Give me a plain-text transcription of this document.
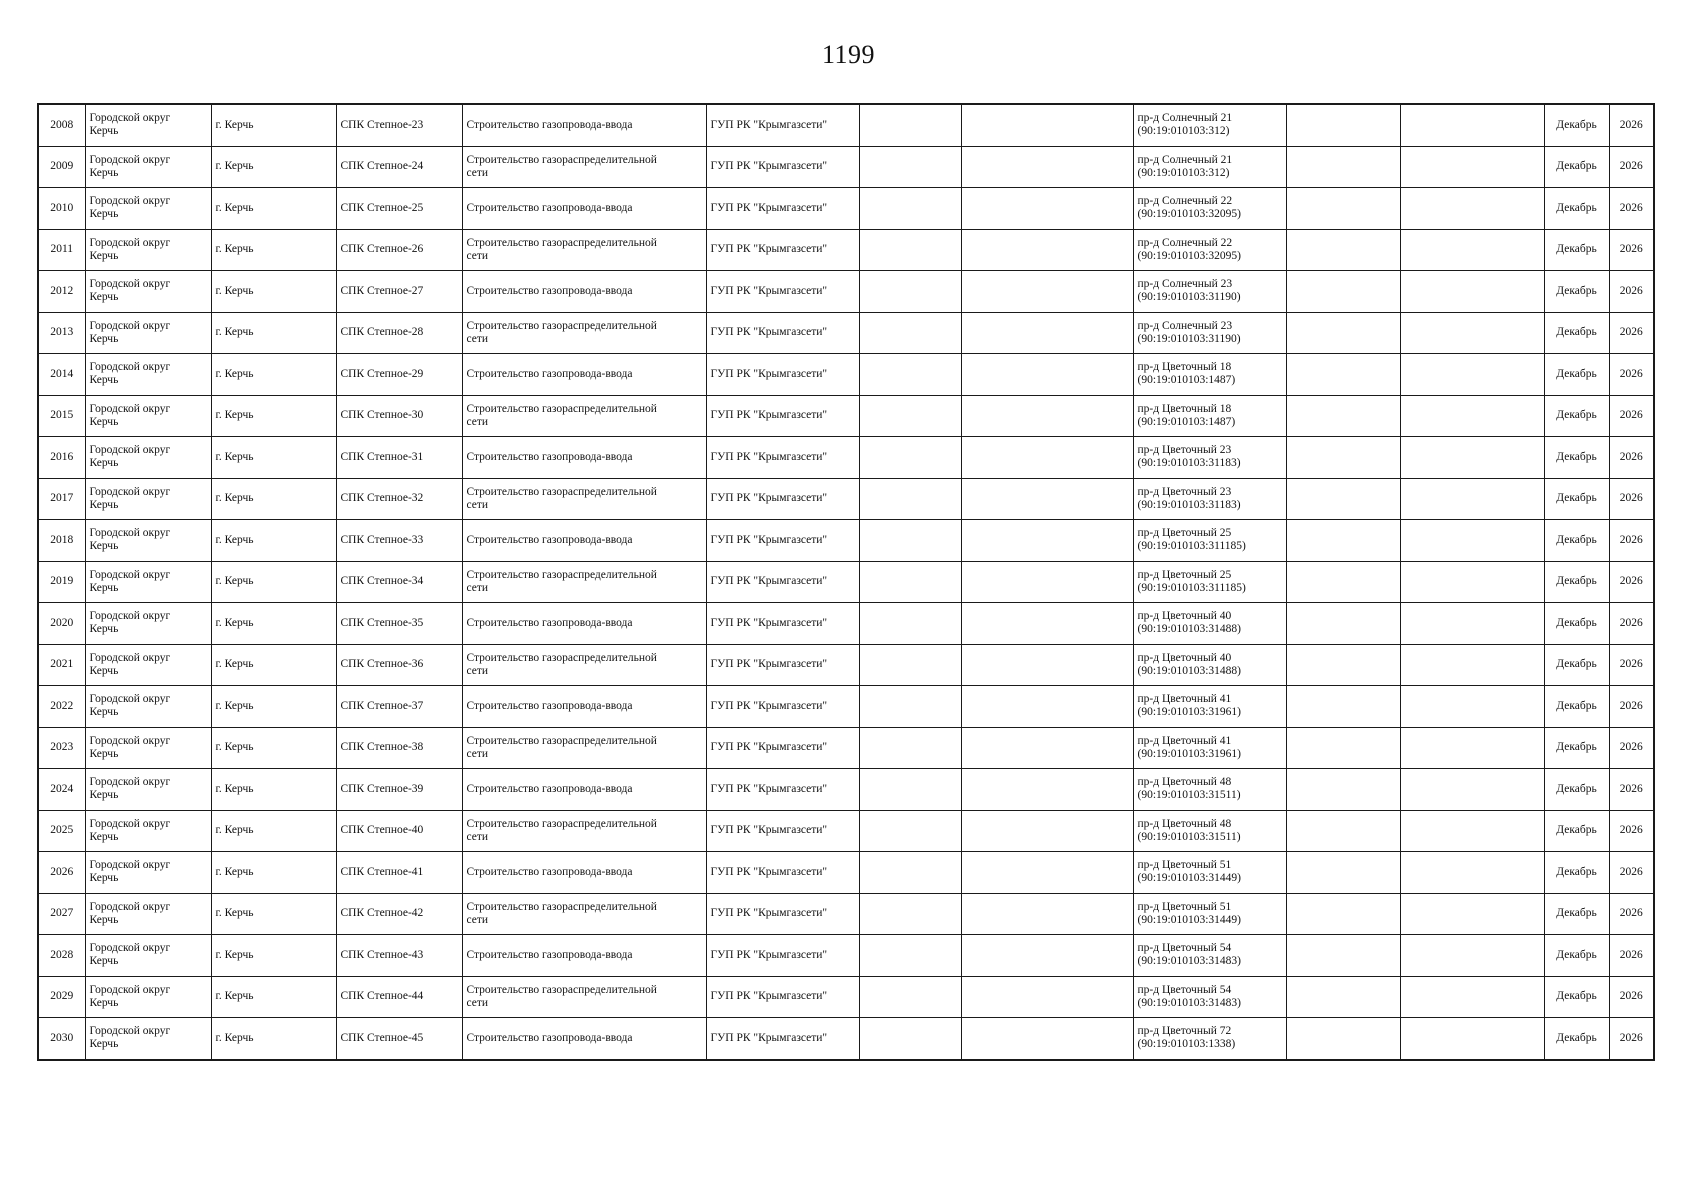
1199
2008	Городской округ
Керчь	г. Керчь	СПК Степное-23	Строительство газопровода-ввода	ГУП РК "Крымгазсети"			пр-д Солнечный 21
(90:19:010103:312)			Декабрь	2026
2009	Городской округ
Керчь	г. Керчь	СПК Степное-24	Строительство газораспределительной
сети	ГУП РК "Крымгазсети"			пр-д Солнечный 21
(90:19:010103:312)			Декабрь	2026
2010	Городской округ
Керчь	г. Керчь	СПК Степное-25	Строительство газопровода-ввода	ГУП РК "Крымгазсети"			пр-д Солнечный 22
(90:19:010103:32095)			Декабрь	2026
2011	Городской округ
Керчь	г. Керчь	СПК Степное-26	Строительство газораспределительной
сети	ГУП РК "Крымгазсети"			пр-д Солнечный 22
(90:19:010103:32095)			Декабрь	2026
2012	Городской округ
Керчь	г. Керчь	СПК Степное-27	Строительство газопровода-ввода	ГУП РК "Крымгазсети"			пр-д Солнечный 23
(90:19:010103:31190)			Декабрь	2026
2013	Городской округ
Керчь	г. Керчь	СПК Степное-28	Строительство газораспределительной
сети	ГУП РК "Крымгазсети"			пр-д Солнечный 23
(90:19:010103:31190)			Декабрь	2026
2014	Городской округ
Керчь	г. Керчь	СПК Степное-29	Строительство газопровода-ввода	ГУП РК "Крымгазсети"			пр-д Цветочный 18
(90:19:010103:1487)			Декабрь	2026
2015	Городской округ
Керчь	г. Керчь	СПК Степное-30	Строительство газораспределительной
сети	ГУП РК "Крымгазсети"			пр-д Цветочный 18
(90:19:010103:1487)			Декабрь	2026
2016	Городской округ
Керчь	г. Керчь	СПК Степное-31	Строительство газопровода-ввода	ГУП РК "Крымгазсети"			пр-д Цветочный 23
(90:19:010103:31183)			Декабрь	2026
2017	Городской округ
Керчь	г. Керчь	СПК Степное-32	Строительство газораспределительной
сети	ГУП РК "Крымгазсети"			пр-д Цветочный 23
(90:19:010103:31183)			Декабрь	2026
2018	Городской округ
Керчь	г. Керчь	СПК Степное-33	Строительство газопровода-ввода	ГУП РК "Крымгазсети"			пр-д Цветочный 25
(90:19:010103:311185)			Декабрь	2026
2019	Городской округ
Керчь	г. Керчь	СПК Степное-34	Строительство газораспределительной
сети	ГУП РК "Крымгазсети"			пр-д Цветочный 25
(90:19:010103:311185)			Декабрь	2026
2020	Городской округ
Керчь	г. Керчь	СПК Степное-35	Строительство газопровода-ввода	ГУП РК "Крымгазсети"			пр-д Цветочный 40
(90:19:010103:31488)			Декабрь	2026
2021	Городской округ
Керчь	г. Керчь	СПК Степное-36	Строительство газораспределительной
сети	ГУП РК "Крымгазсети"			пр-д Цветочный 40
(90:19:010103:31488)			Декабрь	2026
2022	Городской округ
Керчь	г. Керчь	СПК Степное-37	Строительство газопровода-ввода	ГУП РК "Крымгазсети"			пр-д Цветочный 41
(90:19:010103:31961)			Декабрь	2026
2023	Городской округ
Керчь	г. Керчь	СПК Степное-38	Строительство газораспределительной
сети	ГУП РК "Крымгазсети"			пр-д Цветочный 41
(90:19:010103:31961)			Декабрь	2026
2024	Городской округ
Керчь	г. Керчь	СПК Степное-39	Строительство газопровода-ввода	ГУП РК "Крымгазсети"			пр-д Цветочный 48
(90:19:010103:31511)			Декабрь	2026
2025	Городской округ
Керчь	г. Керчь	СПК Степное-40	Строительство газораспределительной
сети	ГУП РК "Крымгазсети"			пр-д Цветочный 48
(90:19:010103:31511)			Декабрь	2026
2026	Городской округ
Керчь	г. Керчь	СПК Степное-41	Строительство газопровода-ввода	ГУП РК "Крымгазсети"			пр-д Цветочный 51
(90:19:010103:31449)			Декабрь	2026
2027	Городской округ
Керчь	г. Керчь	СПК Степное-42	Строительство газораспределительной
сети	ГУП РК "Крымгазсети"			пр-д Цветочный 51
(90:19:010103:31449)			Декабрь	2026
2028	Городской округ
Керчь	г. Керчь	СПК Степное-43	Строительство газопровода-ввода	ГУП РК "Крымгазсети"			пр-д Цветочный 54
(90:19:010103:31483)			Декабрь	2026
2029	Городской округ
Керчь	г. Керчь	СПК Степное-44	Строительство газораспределительной
сети	ГУП РК "Крымгазсети"			пр-д Цветочный 54
(90:19:010103:31483)			Декабрь	2026
2030	Городской округ
Керчь	г. Керчь	СПК Степное-45	Строительство газопровода-ввода	ГУП РК "Крымгазсети"			пр-д Цветочный 72
(90:19:010103:1338)			Декабрь	2026
